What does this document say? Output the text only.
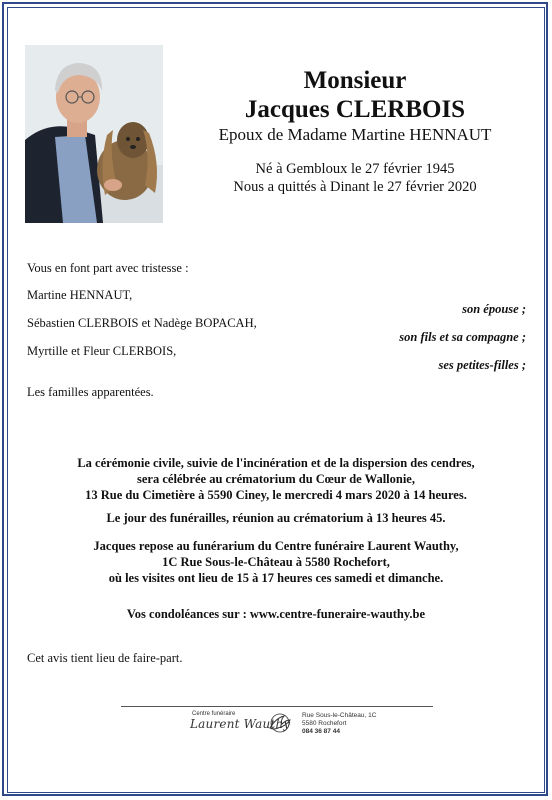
Monsieur
Jacques CLERBOIS
Epoux de Madame Martine HENNAUT
Né à Gembloux le 27 février 1945
Nous a quittés à Dinant le 27 février 2020
Vous en font part avec tristesse :
Martine HENNAUT,
son épouse ;
Sébastien CLERBOIS et Nadège BOPACAH,
son fils et sa compagne ;
Myrtille et Fleur CLERBOIS,
ses petites-filles ;
Les familles apparentées.
La cérémonie civile, suivie de l'incinération et de la dispersion des cendres,
sera célébrée au crématorium du Cœur de Wallonie,
13 Rue du Cimetière à 5590 Ciney, le mercredi 4 mars 2020 à 14 heures.
Le jour des funérailles, réunion au crématorium à 13 heures 45.
Jacques repose au funérarium du Centre funéraire Laurent Wauthy,
1C Rue Sous-le-Château à 5580 Rochefort,
où les visites ont lieu de 15 à 17 heures ces samedi et dimanche.
Vos condoléances sur : www.centre-funeraire-wauthy.be
Cet avis tient lieu de faire-part.
Centre funéraire
Laurent Wauthy
Rue Sous-le-Château, 1C
5580 Rochefort
084 36 87 44
